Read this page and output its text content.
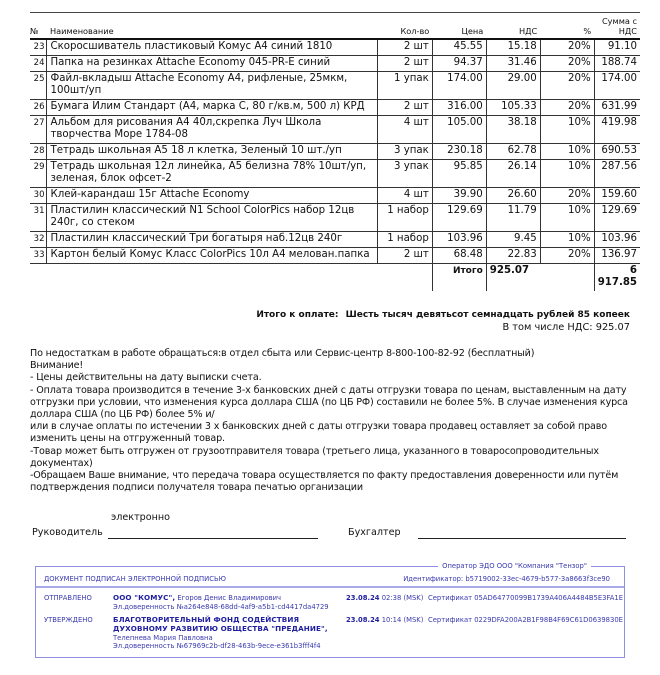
№	Наименование	Кол-во	Цена	НДС	%	Сумма с
НДС
23	Скоросшиватель пластиковый Комус А4 синий 1810	2 шт	45.55	15.18	20%	91.10
24	Папка на резинках Attache Economy 045-PR-E синий	2 шт	94.37	31.46	20%	188.74
25	Файл-вкладыш Attache Economy А4, рифленые, 25мкм, 100шт/уп	1 упак	174.00	29.00	20%	174.00
26	Бумага Илим Стандарт (А4, марка С, 80 г/кв.м, 500 л) КРД	2 шт	316.00	105.33	20%	631.99
27	Альбом для рисования А4 40л,скрепка Луч Школа творчества Море 1784-08	4 шт	105.00	38.18	10%	419.98
28	Тетрадь школьная А5 18 л клетка, Зеленый 10 шт./уп	3 упак	230.18	62.78	10%	690.53
29	Тетрадь школьная 12л линейка, А5 белизна 78% 10шт/уп, зеленая, блок офсет-2	3 упак	95.85	26.14	10%	287.56
30	Клей-карандаш 15г Attache Economy	4 шт	39.90	26.60	20%	159.60
31	Пластилин классический N1 School ColorPics набор 12цв 240г, со стеком	1 набор	129.69	11.79	10%	129.69
32	Пластилин классический Три богатыря наб.12цв 240г	1 набор	103.96	9.45	10%	103.96
33	Картон белый Комус Класс ColorPics 10л А4 мелован.папка	2 шт	68.48	22.83	20%	136.97
			Итого	925.07		6 917.85
Итого к оплате: Шесть тысяч девятьсот семнадцать рублей 85 копеек
В том числе НДС: 925.07

По недостаткам в работе обращаться:в отдел сбыта или Сервис-центр 8-800-100-82-92 (бесплатный)

Внимание!

- Цены действительны на дату выписки счета.

- Оплата товара производится в течение 3-х банковских дней с даты отгрузки товара по ценам, выставленным на дату отгрузки при условии, что изменения курса доллара США (по ЦБ РФ) составили не более 5%. В случае изменения курса доллара США (по ЦБ РФ) более 5% и/

или в случае оплаты по истечении 3 х банковских дней с даты отгрузки товара продавец оставляет за собой право изменить цены на отгруженный товар.

-Товар может быть отгружен от грузоотправителя товара (третьего лица, указанного в товаросопроводительных документах)

-Обращаем Ваше внимание, что передача товара осуществляется по факту предоставления доверенности или путём подтверждения подписи получателя товара печатью организации

Руководитель
электронно
Бухгалтер
Оператор ЭДО ООО "Компания "Тензор"
ДОКУМЕНТ ПОДПИСАН ЭЛЕКТРОННОЙ ПОДПИСЬЮ	Идентификатор: b5719002-33ec-4679-b577-3a8663f3ce90
ОТПРАВЛЕНО	ООО "КОМУС", Егоров Денис Владимирович
Эл.доверенность №a264e848-68dd-4af9-a5b1-cd4417da4729
23.08.24 02:38 (MSK) Сертификат 05AD64770099B1739A406A4484B5E3FA1E
УТВЕРЖДЕНО	БЛАГОТВОРИТЕЛЬНЫЙ ФОНД СОДЕЙСТВИЯ
ДУХОВНОМУ РАЗВИТИЮ ОБЩЕСТВА "ПРЕДАНИЕ",
Телепнева Мария Павловна
Эл.доверенность №67969c2b-df28-463b-9ece-e361b3fff4f4
23.08.24 10:14 (MSK) Сертификат 0229DFA200A2B1F98B4F69C61D0639830E
